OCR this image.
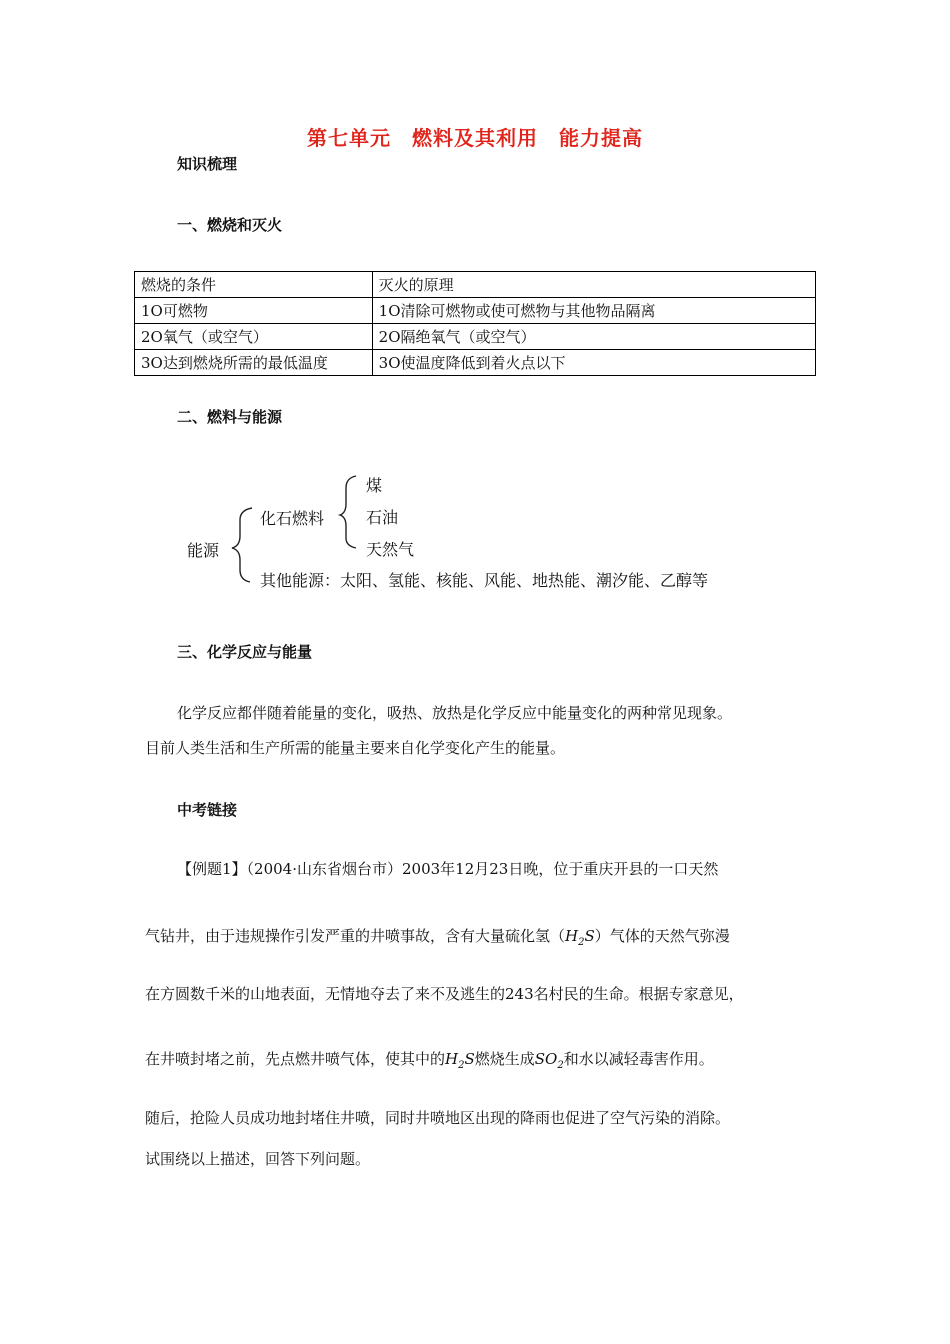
第七单元　燃料及其利用　能力提高
知识梳理
一、燃烧和灭火
燃烧的条件	灭火的原理
1O可燃物	1O清除可燃物或使可燃物与其他物品隔离
2O氧气（或空气）	2O隔绝氧气（或空气）
3O达到燃烧所需的最低温度	3O使温度降低到着火点以下
二、燃料与能源
能源
化石燃料
煤
石油
天然气
其他能源：太阳、氢能、核能、风能、地热能、潮汐能、乙醇等
三、化学反应与能量
化学反应都伴随着能量的变化，吸热、放热是化学反应中能量变化的两种常见现象。
目前人类生活和生产所需的能量主要来自化学变化产生的能量。
中考链接
【例题1】（2004·山东省烟台市）2003年12月23日晚，位于重庆开县的一口天然
气钻井，由于违规操作引发严重的井喷事故，含有大量硫化氢$(H_2S)$气体的天然气弥漫
在方圆数千米的山地表面，无情地夺去了来不及逃生的243名村民的生命。根据专家意见，
在井喷封堵之前，先点燃井喷气体，使其中的$H_2S$燃烧生成$SO_2$和水以减轻毒害作用。
随后，抢险人员成功地封堵住井喷，同时井喷地区出现的降雨也促进了空气污染的消除。
试围绕以上描述，回答下列问题。
